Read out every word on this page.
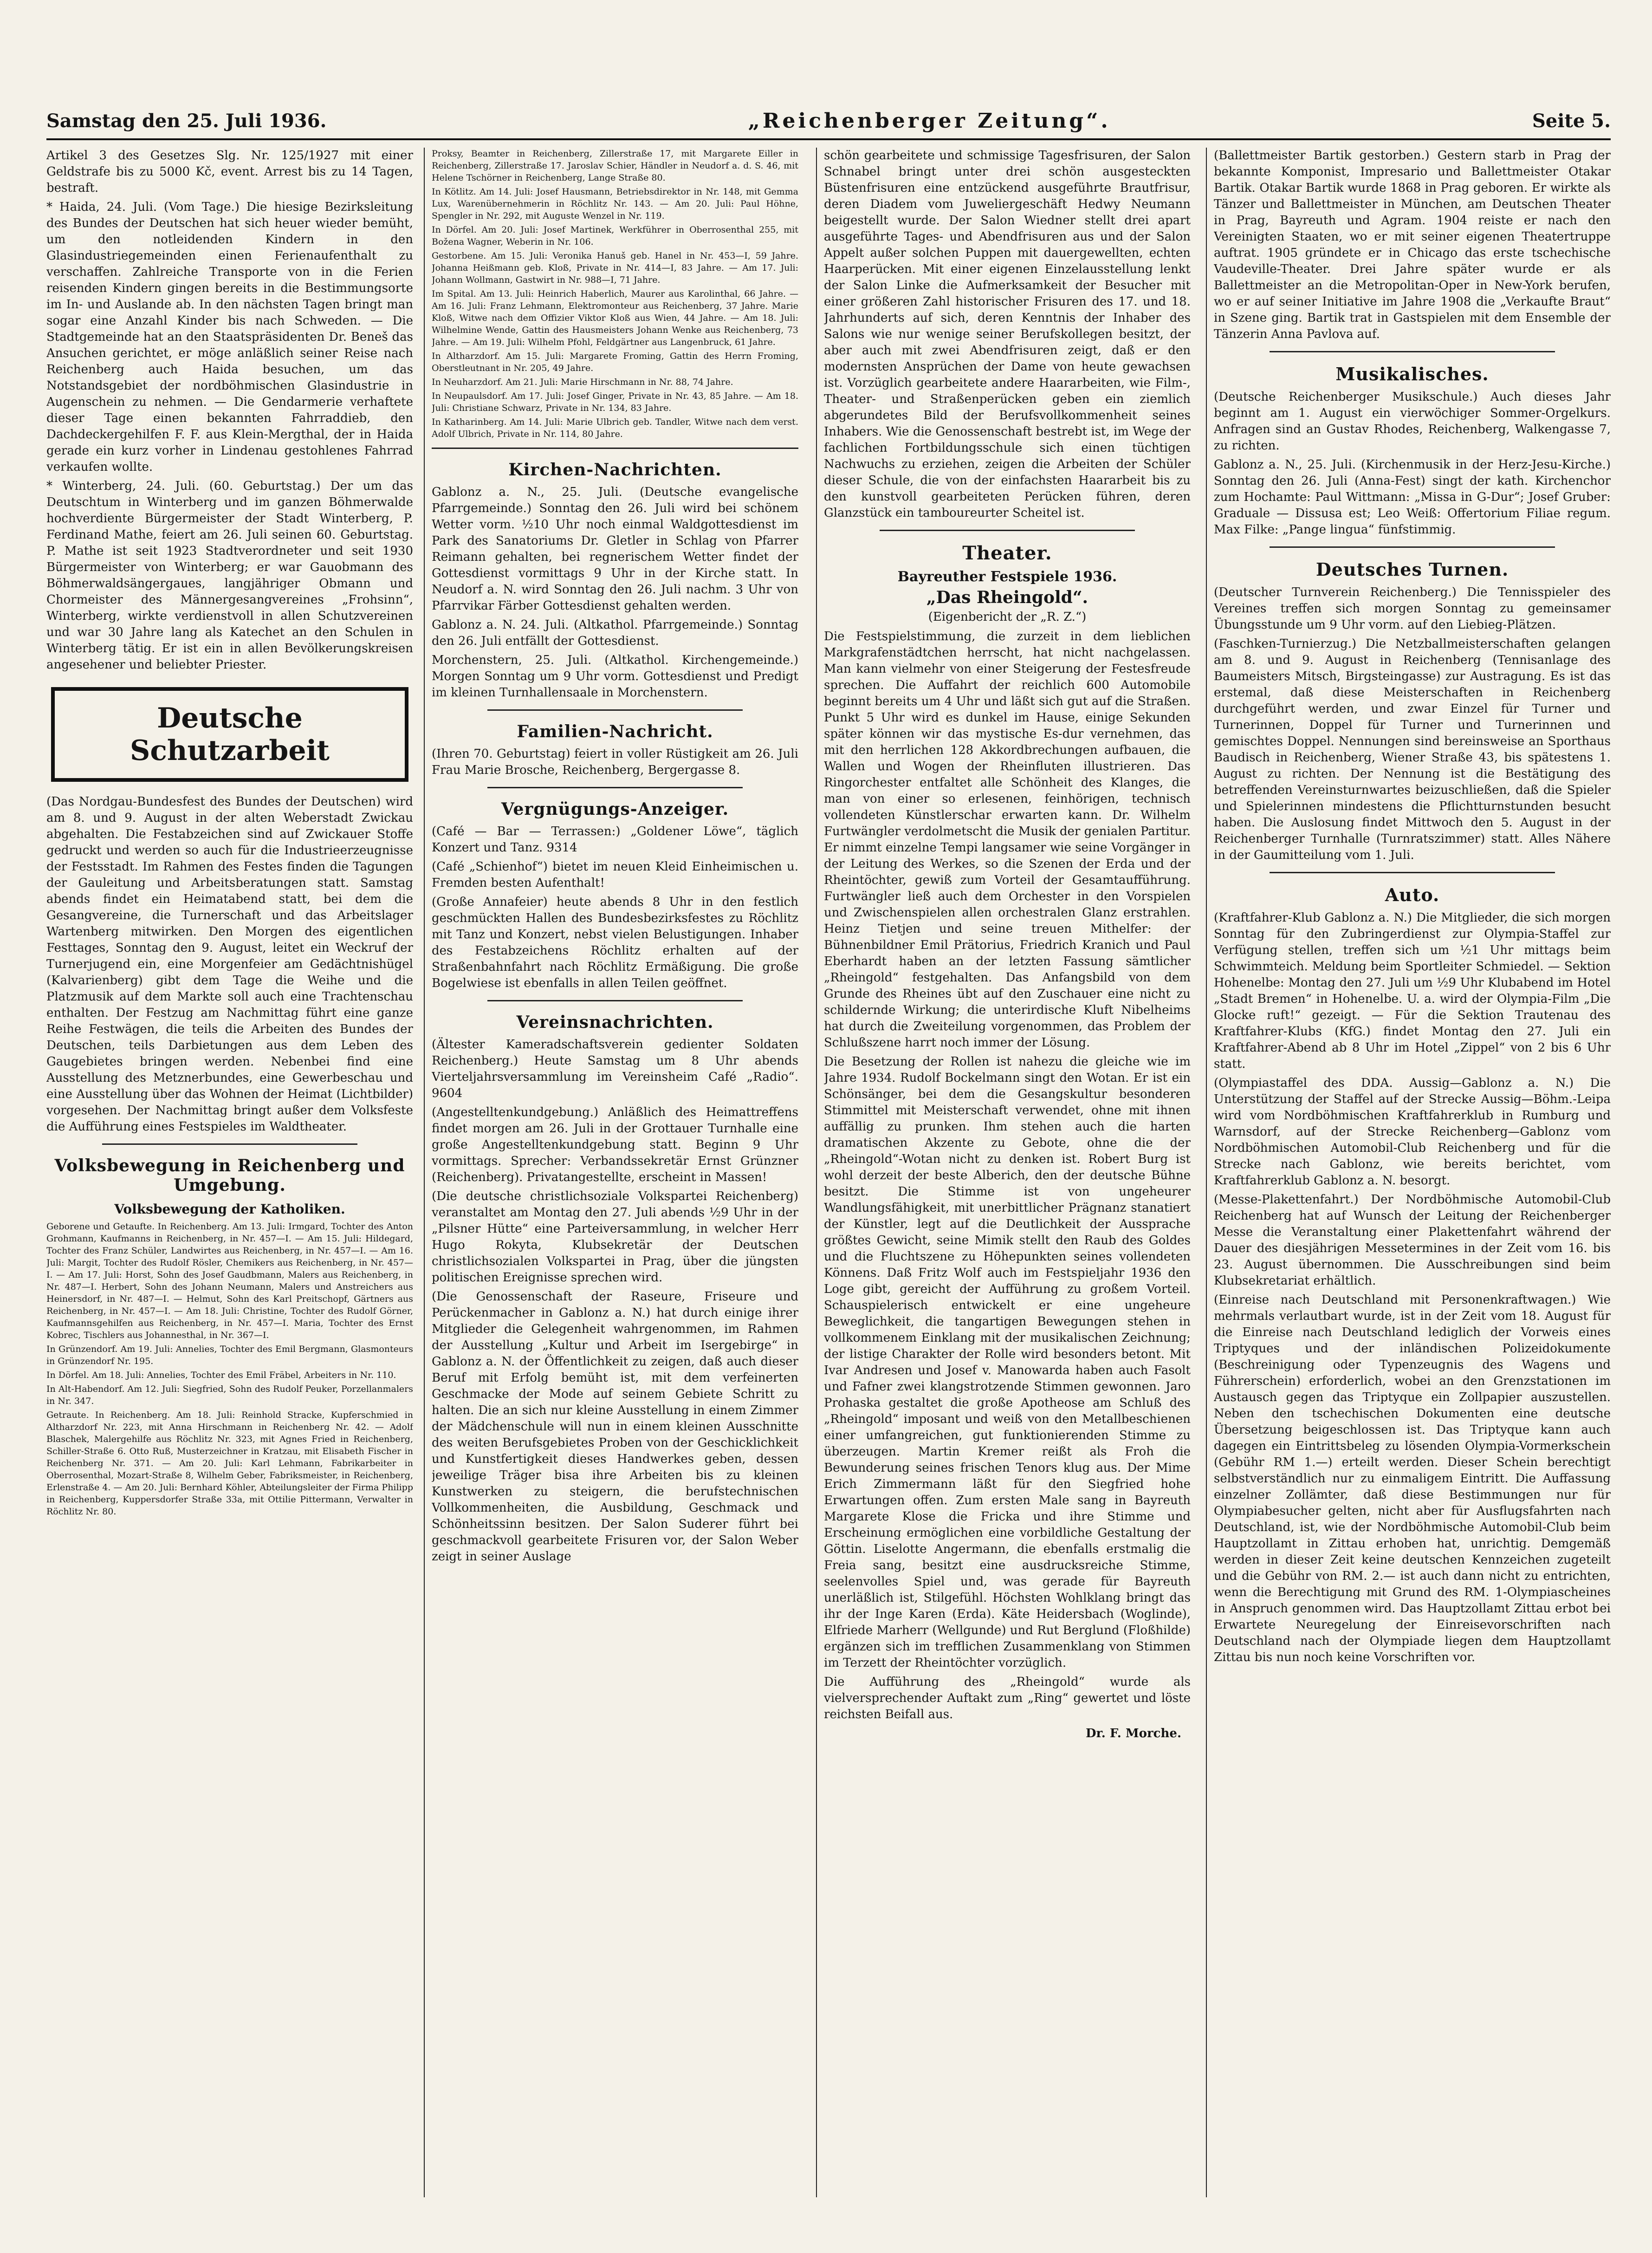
Samstag den 25. Juli 1936.	„Reichenberger Zeitung“.	Seite 5.

Artikel 3 des Gesetzes Slg. Nr. 125/1927 mit einer Geldstrafe bis zu 5000 Kč, event. Arrest bis zu 14 Tagen, bestraft.

* Haida, 24. Juli. (Vom Tage.) Die hiesige Bezirksleitung des Bundes der Deutschen hat sich heuer wieder bemüht, um den notleidenden Kindern in den Glasindustriegemeinden einen Ferienaufenthalt zu verschaffen. Zahlreiche Transporte von in die Ferien reisenden Kindern gingen bereits in die Bestimmungsorte im In- und Auslande ab. In den nächsten Tagen bringt man sogar eine Anzahl Kinder bis nach Schweden. — Die Stadtgemeinde hat an den Staatspräsidenten Dr. Beneš das Ansuchen gerichtet, er möge anläßlich seiner Reise nach Reichenberg auch Haida besuchen, um das Notstandsgebiet der nordböhmischen Glasindustrie in Augenschein zu nehmen. — Die Gendarmerie verhaftete dieser Tage einen bekannten Fahrraddieb, den Dachdeckergehilfen F. F. aus Klein-Mergthal, der in Haida gerade ein kurz vorher in Lindenau gestohlenes Fahrrad verkaufen wollte.

* Winterberg, 24. Juli. (60. Geburtstag.) Der um das Deutschtum in Winterberg und im ganzen Böhmerwalde hochverdiente Bürgermeister der Stadt Winterberg, P. Ferdinand Mathe, feiert am 26. Juli seinen 60. Geburtstag. P. Mathe ist seit 1923 Stadtverordneter und seit 1930 Bürgermeister von Winterberg; er war Gauobmann des Böhmerwaldsängergaues, langjähriger Obmann und Chormeister des Männergesangvereines „Frohsinn“, Winterberg, wirkte verdienstvoll in allen Schutzvereinen und war 30 Jahre lang als Katechet an den Schulen in Winterberg tätig. Er ist ein in allen Bevölkerungskreisen angesehener und beliebter Priester.

Deutsche Schutzarbeit

(Das Nordgau-Bundesfest des Bundes der Deutschen) wird am 8. und 9. August in der alten Weberstadt Zwickau abgehalten. Die Festabzeichen sind auf Zwickauer Stoffe gedruckt und werden so auch für die Industrieerzeugnisse der Festsstadt. Im Rahmen des Festes finden die Tagungen der Gauleitung und Arbeitsberatungen statt. Samstag abends findet ein Heimatabend statt, bei dem die Gesangvereine, die Turnerschaft und das Arbeitslager Wartenberg mitwirken. Den Morgen des eigentlichen Festtages, Sonntag den 9. August, leitet ein Weckruf der Turnerjugend ein, eine Morgenfeier am Gedächtnishügel (Kalvarienberg) gibt dem Tage die Weihe und die Platzmusik auf dem Markte soll auch eine Trachtenschau enthalten. Der Festzug am Nachmittag führt eine ganze Reihe Festwägen, die teils die Arbeiten des Bundes der Deutschen, teils Darbietungen aus dem Leben des Gaugebietes bringen werden. Nebenbei find eine Ausstellung des Metznerbundes, eine Gewerbeschau und eine Ausstellung über das Wohnen der Heimat (Lichtbilder) vorgesehen. Der Nachmittag bringt außer dem Volksfeste die Aufführung eines Festspieles im Waldtheater.

Volksbewegung in Reichenberg und Umgebung.
Volksbewegung der Katholiken.

Geborene und Getaufte. In Reichenberg. Am 13. Juli: Irmgard, Tochter des Anton Grohmann, Kaufmanns in Reichenberg, in Nr. 457—I. — Am 15. Juli: Hildegard, Tochter des Franz Schüler, Landwirtes aus Reichenberg, in Nr. 457—I. — Am 16. Juli: Margit, Tochter des Rudolf Rösler, Chemikers aus Reichenberg, in Nr. 457—I. — Am 17. Juli: Horst, Sohn des Josef Gaudbmann, Malers aus Reichenberg, in Nr. 487—I. Herbert, Sohn des Johann Neumann, Malers und Anstreichers aus Heinersdorf, in Nr. 487—I. — Helmut, Sohn des Karl Preitschopf, Gärtners aus Reichenberg, in Nr. 457—I. — Am 18. Juli: Christine, Tochter des Rudolf Görner, Kaufmannsgehilfen aus Reichenberg, in Nr. 457—I. Maria, Tochter des Ernst Kobrec, Tischlers aus Johannesthal, in Nr. 367—I.

In Grünzendorf. Am 19. Juli: Annelies, Tochter des Emil Bergmann, Glasmonteurs in Grünzendorf Nr. 195.

In Dörfel. Am 18. Juli: Annelies, Tochter des Emil Fräbel, Arbeiters in Nr. 110.

In Alt-Habendorf. Am 12. Juli: Siegfried, Sohn des Rudolf Peuker, Porzellanmalers in Nr. 347.

Getraute. In Reichenberg. Am 18. Juli: Reinhold Stracke, Kupferschmied in Altharzdorf Nr. 223, mit Anna Hirschmann in Reichenberg Nr. 42. — Adolf Blaschek, Malergehilfe aus Röchlitz Nr. 323, mit Agnes Fried in Reichenberg, Schiller-Straße 6. Otto Ruß, Musterzeichner in Kratzau, mit Elisabeth Fischer in Reichenberg Nr. 371. — Am 20. Juli: Karl Lehmann, Fabrikarbeiter in Oberrosenthal, Mozart-Straße 8, Wilhelm Geber, Fabriksmeister, in Reichenberg, Erlenstraße 4. — Am 20. Juli: Bernhard Köhler, Abteilungsleiter der Firma Philipp in Reichenberg, Kuppersdorfer Straße 33a, mit Ottilie Pittermann, Verwalter in Röchlitz Nr. 80.

Proksy, Beamter in Reichenberg, Zillerstraße 17, mit Margarete Eiller in Reichenberg, Zillerstraße 17. Jaroslav Schier, Händler in Neudorf a. d. S. 46, mit Helene Tschörner in Reichenberg, Lange Straße 80.

In Kötlitz. Am 14. Juli: Josef Hausmann, Betriebsdirektor in Nr. 148, mit Gemma Lux, Warenübernehmerin in Röchlitz Nr. 143. — Am 20. Juli: Paul Höhne, Spengler in Nr. 292, mit Auguste Wenzel in Nr. 119.

In Dörfel. Am 20. Juli: Josef Martinek, Werkführer in Oberrosenthal 255, mit Božena Wagner, Weberin in Nr. 106.

Gestorbene. Am 15. Juli: Veronika Hanuš geb. Hanel in Nr. 453—I, 59 Jahre. Johanna Heißmann geb. Kloß, Private in Nr. 414—I, 83 Jahre. — Am 17. Juli: Johann Wollmann, Gastwirt in Nr. 988—I, 71 Jahre.

Im Spital. Am 13. Juli: Heinrich Haberlich, Maurer aus Karolinthal, 66 Jahre. — Am 16. Juli: Franz Lehmann, Elektromonteur aus Reichenberg, 37 Jahre. Marie Kloß, Witwe nach dem Offizier Viktor Kloß aus Wien, 44 Jahre. — Am 18. Juli: Wilhelmine Wende, Gattin des Hausmeisters Johann Wenke aus Reichenberg, 73 Jahre. — Am 19. Juli: Wilhelm Pfohl, Feldgärtner aus Langenbruck, 61 Jahre.

In Altharzdorf. Am 15. Juli: Margarete Froming, Gattin des Herrn Froming, Oberstleutnant in Nr. 205, 49 Jahre.

In Neuharzdorf. Am 21. Juli: Marie Hirschmann in Nr. 88, 74 Jahre.

In Neupaulsdorf. Am 17. Juli: Josef Ginger, Private in Nr. 43, 85 Jahre. — Am 18. Juli: Christiane Schwarz, Private in Nr. 134, 83 Jahre.

In Katharinberg. Am 14. Juli: Marie Ulbrich geb. Tandler, Witwe nach dem verst. Adolf Ulbrich, Private in Nr. 114, 80 Jahre.

Kirchen-Nachrichten.

Gablonz a. N., 25. Juli. (Deutsche evangelische Pfarrgemeinde.) Sonntag den 26. Juli wird bei schönem Wetter vorm. ½10 Uhr noch einmal Waldgottesdienst im Park des Sanatoriums Dr. Gletler in Schlag von Pfarrer Reimann gehalten, bei regnerischem Wetter findet der Gottesdienst vormittags 9 Uhr in der Kirche statt. In Neudorf a. N. wird Sonntag den 26. Juli nachm. 3 Uhr von Pfarrvikar Färber Gottesdienst gehalten werden.

Gablonz a. N. 24. Juli. (Altkathol. Pfarrgemeinde.) Sonntag den 26. Juli entfällt der Gottesdienst.

Morchenstern, 25. Juli. (Altkathol. Kirchengemeinde.) Morgen Sonntag um 9 Uhr vorm. Gottesdienst und Predigt im kleinen Turnhallensaale in Morchenstern.

Familien-Nachricht.

(Ihren 70. Geburtstag) feiert in voller Rüstigkeit am 26. Juli Frau Marie Brosche, Reichenberg, Bergergasse 8.

Vergnügungs-Anzeiger.

(Café — Bar — Terrassen:) „Goldener Löwe“, täglich Konzert und Tanz. 9314

(Café „Schienhof“) bietet im neuen Kleid Einheimischen u. Fremden besten Aufenthalt!

(Große Annafeier) heute abends 8 Uhr in den festlich geschmückten Hallen des Bundesbezirksfestes zu Röchlitz mit Tanz und Konzert, nebst vielen Belustigungen. Inhaber des Festabzeichens Röchlitz erhalten auf der Straßenbahnfahrt nach Röchlitz Ermäßigung. Die große Bogelwiese ist ebenfalls in allen Teilen geöffnet.

Vereinsnachrichten.

(Ältester Kameradschaftsverein gedienter Soldaten Reichenberg.) Heute Samstag um 8 Uhr abends Vierteljahrsversammlung im Vereinsheim Café „Radio“. 9604

(Angestelltenkundgebung.) Anläßlich des Heimattreffens findet morgen am 26. Juli in der Grottauer Turnhalle eine große Angestelltenkundgebung statt. Beginn 9 Uhr vormittags. Sprecher: Verbandssekretär Ernst Grünzner (Reichenberg). Privatangestellte, erscheint in Massen!

(Die deutsche christlichsoziale Volkspartei Reichenberg) veranstaltet am Montag den 27. Juli abends ½9 Uhr in der „Pilsner Hütte“ eine Parteiversammlung, in welcher Herr Hugo Rokyta, Klubsekretär der Deutschen christlichsozialen Volkspartei in Prag, über die jüngsten politischen Ereignisse sprechen wird.

(Die Genossenschaft der Raseure, Friseure und Perückenmacher in Gablonz a. N.) hat durch einige ihrer Mitglieder die Gelegenheit wahrgenommen, im Rahmen der Ausstellung „Kultur und Arbeit im Isergebirge“ in Gablonz a. N. der Öffentlichkeit zu zeigen, daß auch dieser Beruf mit Erfolg bemüht ist, mit dem verfeinerten Geschmacke der Mode auf seinem Gebiete Schritt zu halten. Die an sich nur kleine Ausstellung in einem Zimmer der Mädchenschule will nun in einem kleinen Ausschnitte des weiten Berufsgebietes Proben von der Geschicklichkeit und Kunstfertigkeit dieses Handwerkes geben, dessen jeweilige Träger bisa ihre Arbeiten bis zu kleinen Kunstwerken zu steigern, die berufstechnischen Vollkommenheiten, die Ausbildung, Geschmack und Schönheitssinn besitzen. Der Salon Suderer führt bei geschmackvoll gearbeitete Frisuren vor, der Salon Weber zeigt in seiner Auslage

schön gearbeitete und schmissige Tagesfrisuren, der Salon Schnabel bringt unter drei schön ausgesteckten Büstenfrisuren eine entzückend ausgeführte Brautfrisur, deren Diadem vom Juweliergeschäft Hedwy Neumann beigestellt wurde. Der Salon Wiedner stellt drei apart ausgeführte Tages- und Abendfrisuren aus und der Salon Appelt außer solchen Puppen mit dauergewellten, echten Haarperücken. Mit einer eigenen Einzelausstellung lenkt der Salon Linke die Aufmerksamkeit der Besucher mit einer größeren Zahl historischer Frisuren des 17. und 18. Jahrhunderts auf sich, deren Kenntnis der Inhaber des Salons wie nur wenige seiner Berufskollegen besitzt, der aber auch mit zwei Abendfrisuren zeigt, daß er den modernsten Ansprüchen der Dame von heute gewachsen ist. Vorzüglich gearbeitete andere Haararbeiten, wie Film-, Theater- und Straßenperücken geben ein ziemlich abgerundetes Bild der Berufsvollkommenheit seines Inhabers. Wie die Genossenschaft bestrebt ist, im Wege der fachlichen Fortbildungsschule sich einen tüchtigen Nachwuchs zu erziehen, zeigen die Arbeiten der Schüler dieser Schule, die von der einfachsten Haararbeit bis zu den kunstvoll gearbeiteten Perücken führen, deren Glanzstück ein tamboureurter Scheitel ist.

Theater.
Bayreuther Festspiele 1936.
„Das Rheingold“.
(Eigenbericht der „R. Z.“)

Die Festspielstimmung, die zurzeit in dem lieblichen Markgrafenstädtchen herrscht, hat nicht nachgelassen. Man kann vielmehr von einer Steigerung der Festesfreude sprechen. Die Auffahrt der reichlich 600 Automobile beginnt bereits um 4 Uhr und läßt sich gut auf die Straßen. Punkt 5 Uhr wird es dunkel im Hause, einige Sekunden später können wir das mystische Es-dur vernehmen, das mit den herrlichen 128 Akkordbrechungen aufbauen, die Wallen und Wogen der Rheinfluten illustrieren. Das Ringorchester entfaltet alle Schönheit des Klanges, die man von einer so erlesenen, feinhörigen, technisch vollendeten Künstlerschar erwarten kann. Dr. Wilhelm Furtwängler verdolmetscht die Musik der genialen Partitur. Er nimmt einzelne Tempi langsamer wie seine Vorgänger in der Leitung des Werkes, so die Szenen der Erda und der Rheintöchter, gewiß zum Vorteil der Gesamtaufführung. Furtwängler ließ auch dem Orchester in den Vorspielen und Zwischenspielen allen orchestralen Glanz erstrahlen. Heinz Tietjen und seine treuen Mithelfer: der Bühnenbildner Emil Prätorius, Friedrich Kranich und Paul Eberhardt haben an der letzten Fassung sämtlicher „Rheingold“ festgehalten. Das Anfangsbild von dem Grunde des Rheines übt auf den Zuschauer eine nicht zu schildernde Wirkung; die unterirdische Kluft Nibelheims hat durch die Zweiteilung vorgenommen, das Problem der Schlußszene harrt noch immer der Lösung.

Die Besetzung der Rollen ist nahezu die gleiche wie im Jahre 1934. Rudolf Bockelmann singt den Wotan. Er ist ein Schönsänger, bei dem die Gesangskultur besonderen Stimmittel mit Meisterschaft verwendet, ohne mit ihnen auffällig zu prunken. Ihm stehen auch die harten dramatischen Akzente zu Gebote, ohne die der „Rheingold“-Wotan nicht zu denken ist. Robert Burg ist wohl derzeit der beste Alberich, den der deutsche Bühne besitzt. Die Stimme ist von ungeheurer Wandlungsfähigkeit, mit unerbittlicher Prägnanz stanatiert der Künstler, legt auf die Deutlichkeit der Aussprache größtes Gewicht, seine Mimik stellt den Raub des Goldes und die Fluchtszene zu Höhepunkten seines vollendeten Könnens. Daß Fritz Wolf auch im Festspieljahr 1936 den Loge gibt, gereicht der Aufführung zu großem Vorteil. Schauspielerisch entwickelt er eine ungeheure Beweglichkeit, die tangartigen Bewegungen stehen in vollkommenem Einklang mit der musikalischen Zeichnung; der listige Charakter der Rolle wird besonders betont. Mit Ivar Andresen und Josef v. Manowarda haben auch Fasolt und Fafner zwei klangstrotzende Stimmen gewonnen. Jaro Prohaska gestaltet die große Apotheose am Schluß des „Rheingold“ imposant und weiß von den Metallbeschienen einer umfangreichen, gut funktionierenden Stimme zu überzeugen. Martin Kremer reißt als Froh die Bewunderung seines frischen Tenors klug aus. Der Mime Erich Zimmermann läßt für den Siegfried hohe Erwartungen offen. Zum ersten Male sang in Bayreuth Margarete Klose die Fricka und ihre Stimme und Erscheinung ermöglichen eine vorbildliche Gestaltung der Göttin. Liselotte Angermann, die ebenfalls erstmalig die Freia sang, besitzt eine ausdrucksreiche Stimme, seelenvolles Spiel und, was gerade für Bayreuth unerläßlich ist, Stilgefühl. Höchsten Wohlklang bringt das ihr der Inge Karen (Erda). Käte Heidersbach (Woglinde), Elfriede Marherr (Wellgunde) und Rut Berglund (Floßhilde) ergänzen sich im trefflichen Zusammenklang von Stimmen im Terzett der Rheintöchter vorzüglich.

Die Aufführung des „Rheingold“ wurde als vielversprechender Auftakt zum „Ring“ gewertet und löste reichsten Beifall aus.

Dr. F. Morche.

(Ballettmeister Bartik gestorben.) Gestern starb in Prag der bekannte Komponist, Impresario und Ballettmeister Otakar Bartik. Otakar Bartik wurde 1868 in Prag geboren. Er wirkte als Tänzer und Ballettmeister in München, am Deutschen Theater in Prag, Bayreuth und Agram. 1904 reiste er nach den Vereinigten Staaten, wo er mit seiner eigenen Theatertruppe auftrat. 1905 gründete er in Chicago das erste tschechische Vaudeville-Theater. Drei Jahre später wurde er als Ballettmeister an die Metropolitan-Oper in New-York berufen, wo er auf seiner Initiative im Jahre 1908 die „Verkaufte Braut“ in Szene ging. Bartik trat in Gastspielen mit dem Ensemble der Tänzerin Anna Pavlova auf.

Musikalisches.

(Deutsche Reichenberger Musikschule.) Auch dieses Jahr beginnt am 1. August ein vierwöchiger Sommer-Orgelkurs. Anfragen sind an Gustav Rhodes, Reichenberg, Walkengasse 7, zu richten.

Gablonz a. N., 25. Juli. (Kirchenmusik in der Herz-Jesu-Kirche.) Sonntag den 26. Juli (Anna-Fest) singt der kath. Kirchenchor zum Hochamte: Paul Wittmann: „Missa in G-Dur“; Josef Gruber: Graduale — Dissusa est; Leo Weiß: Offertorium Filiae regum. Max Filke: „Pange lingua“ fünfstimmig.

Deutsches Turnen.

(Deutscher Turnverein Reichenberg.) Die Tennisspieler des Vereines treffen sich morgen Sonntag zu gemeinsamer Übungsstunde um 9 Uhr vorm. auf den Liebieg-Plätzen.

(Faschken-Turnierzug.) Die Netzballmeisterschaften gelangen am 8. und 9. August in Reichenberg (Tennisanlage des Baumeisters Mitsch, Birgsteingasse) zur Austragung. Es ist das erstemal, daß diese Meisterschaften in Reichenberg durchgeführt werden, und zwar Einzel für Turner und Turnerinnen, Doppel für Turner und Turnerinnen und gemischtes Doppel. Nennungen sind bereinsweise an Sporthaus Baudisch in Reichenberg, Wiener Straße 43, bis spätestens 1. August zu richten. Der Nennung ist die Bestätigung des betreffenden Vereinsturnwartes beizuschließen, daß die Spieler und Spielerinnen mindestens die Pflichtturnstunden besucht haben. Die Auslosung findet Mittwoch den 5. August in der Reichenberger Turnhalle (Turnratszimmer) statt. Alles Nähere in der Gaumitteilung vom 1. Juli.

Auto.

(Kraftfahrer-Klub Gablonz a. N.) Die Mitglieder, die sich morgen Sonntag für den Zubringerdienst zur Olympia-Staffel zur Verfügung stellen, treffen sich um ½1 Uhr mittags beim Schwimmteich. Meldung beim Sportleiter Schmiedel. — Sektion Hohenelbe: Montag den 27. Juli um ½9 Uhr Klubabend im Hotel „Stadt Bremen“ in Hohenelbe. U. a. wird der Olympia-Film „Die Glocke ruft!“ gezeigt. — Für die Sektion Trautenau des Kraftfahrer-Klubs (KfG.) findet Montag den 27. Juli ein Kraftfahrer-Abend ab 8 Uhr im Hotel „Zippel“ von 2 bis 6 Uhr statt.

(Olympiastaffel des DDA. Aussig—Gablonz a. N.) Die Unterstützung der Staffel auf der Strecke Aussig—Böhm.-Leipa wird vom Nordböhmischen Kraftfahrerklub in Rumburg und Warnsdorf, auf der Strecke Reichenberg—Gablonz vom Nordböhmischen Automobil-Club Reichenberg und für die Strecke nach Gablonz, wie bereits berichtet, vom Kraftfahrerklub Gablonz a. N. besorgt.

(Messe-Plakettenfahrt.) Der Nordböhmische Automobil-Club Reichenberg hat auf Wunsch der Leitung der Reichenberger Messe die Veranstaltung einer Plakettenfahrt während der Dauer des diesjährigen Messetermines in der Zeit vom 16. bis 23. August übernommen. Die Ausschreibungen sind beim Klubsekretariat erhältlich.

(Einreise nach Deutschland mit Personenkraftwagen.) Wie mehrmals verlautbart wurde, ist in der Zeit vom 18. August für die Einreise nach Deutschland lediglich der Vorweis eines Triptyques und der inländischen Polizeidokumente (Beschreinigung oder Typenzeugnis des Wagens und Führerschein) erforderlich, wobei an den Grenzstationen im Austausch gegen das Triptyque ein Zollpapier auszustellen. Neben den tschechischen Dokumenten eine deutsche Übersetzung beigeschlossen ist. Das Triptyque kann auch dagegen ein Eintrittsbeleg zu lösenden Olympia-Vormerkschein (Gebühr RM 1.—) erteilt werden. Dieser Schein berechtigt selbstverständlich nur zu einmaligem Eintritt. Die Auffassung einzelner Zollämter, daß diese Bestimmungen nur für Olympiabesucher gelten, nicht aber für Ausflugsfahrten nach Deutschland, ist, wie der Nordböhmische Automobil-Club beim Hauptzollamt in Zittau erhoben hat, unrichtig. Demgemäß werden in dieser Zeit keine deutschen Kennzeichen zugeteilt und die Gebühr von RM. 2.— ist auch dann nicht zu entrichten, wenn die Berechtigung mit Grund des RM. 1-Olympiascheines in Anspruch genommen wird. Das Hauptzollamt Zittau erbot bei Erwartete Neuregelung der Einreisevorschriften nach Deutschland nach der Olympiade liegen dem Hauptzollamt Zittau bis nun noch keine Vorschriften vor.
